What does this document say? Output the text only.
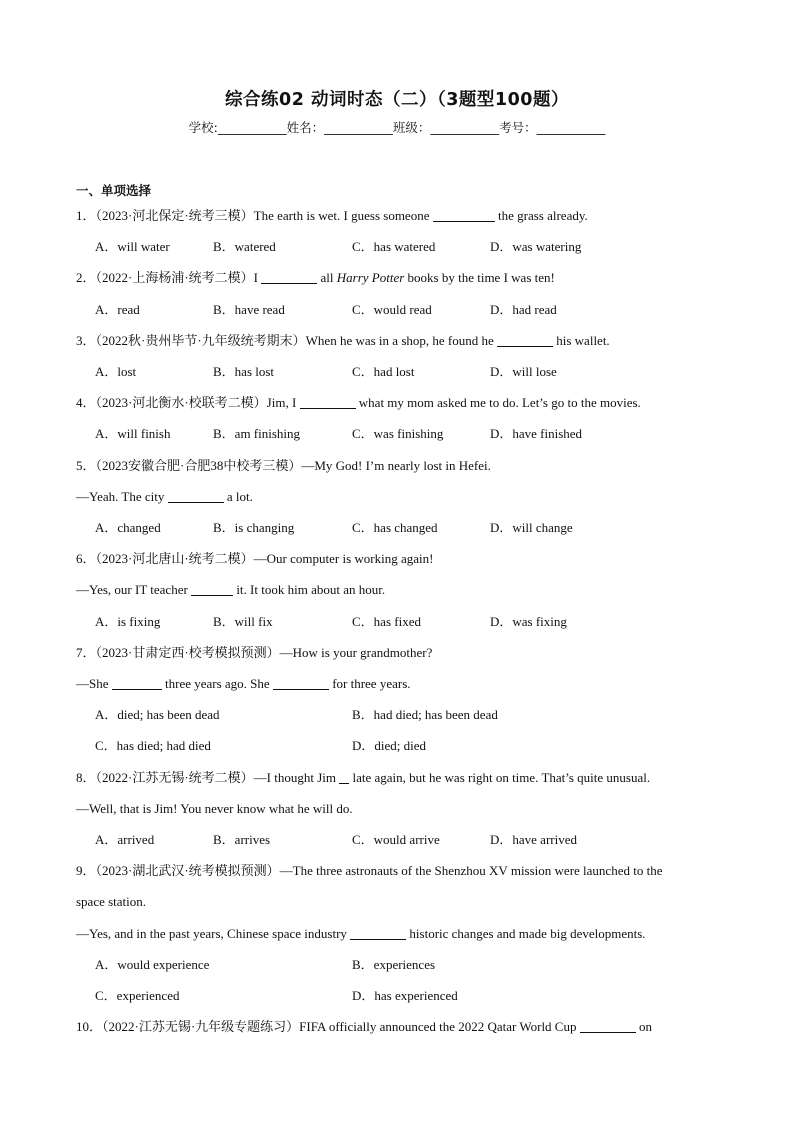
综合练02 动词时态（二）（3题型100题）
学校:___________姓名：___________班级：___________考号：___________
一、单项选择
1．（2023·河北保定·统考三模）The earth is wet. I guess someone	the grass already.
A．will water	B．watered	C．has watered	D．was watering
2．（2022·上海杨浦·统考二模）I	all Harry Potter books by the time I was ten!
A．read	B．have read	C．would read	D．had read
3．（2022秋·贵州毕节·九年级统考期末）When he was in a shop, he found he	his wallet.
A．lost	B．has lost	C．had lost	D．will lose
4．（2023·河北衡水·校联考二模）Jim, I	what my mom asked me to do. Let’s go to the movies.
A．will finish	B．am finishing	C．was finishing	D．have finished
5．（2023安徽合肥·合肥38中校考三模）—My God! I’m nearly lost in Hefei.
—Yeah. The city	a lot.
A．changed	B．is changing	C．has changed	D．will change
6．（2023·河北唐山·统考二模）—Our computer is working again!
—Yes, our IT teacher	it. It took him about an hour.
A．is fixing	B．will fix	C．has fixed	D．was fixing
7．（2023·甘肃定西·校考模拟预测）—How is your grandmother?
—She	three years ago. She	for three years.
A．died; has been dead	B．had died; has been dead
C．has died; had died	D．died; died
8．（2022·江苏无锡·统考二模）—I thought Jim  late again, but he was right on time. That’s quite unusual.
—Well, that is Jim! You never know what he will do.
A．arrived	B．arrives	C．would arrive	D．have arrived
9．（2023·湖北武汉·统考模拟预测）—The three astronauts of the Shenzhou XV mission were launched to the
space station.
—Yes, and in the past years, Chinese space industry	historic changes and made big developments.
A．would experience	B．experiences
C．experienced	D．has experienced
10．（2022·江苏无锡·九年级专题练习）FIFA officially announced the 2022 Qatar World Cup	on
